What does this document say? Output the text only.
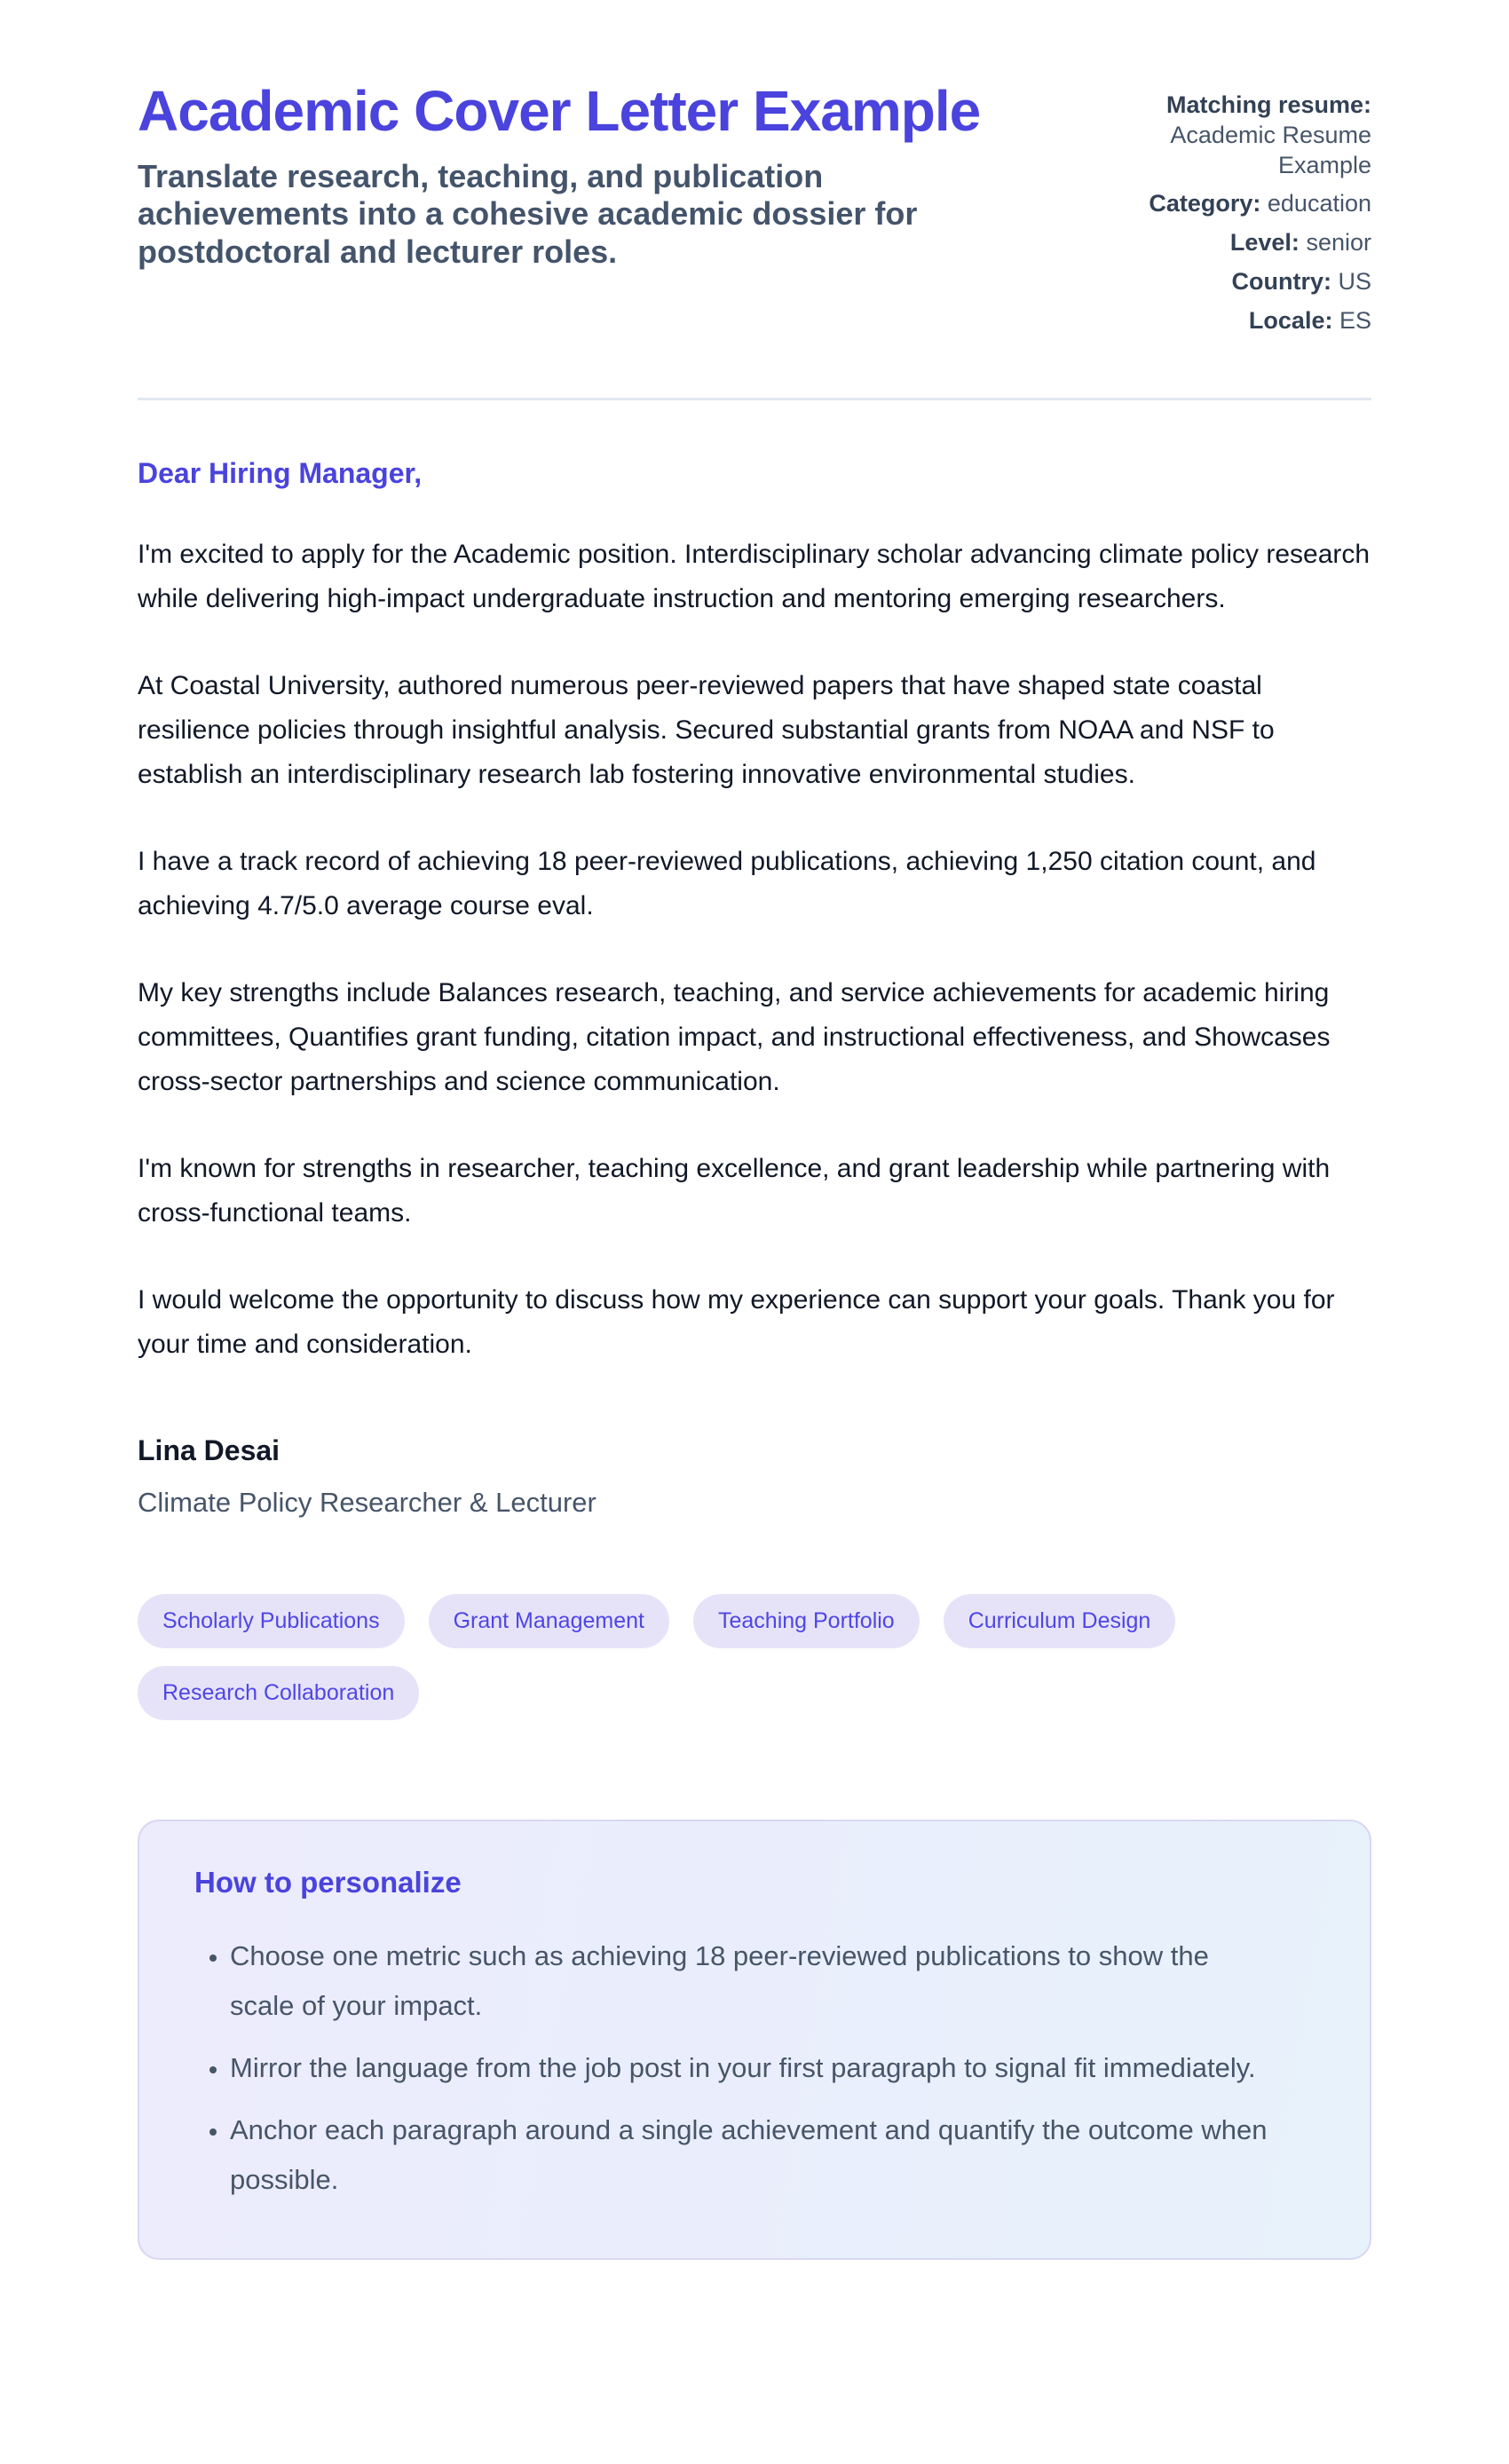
Academic Cover Letter Example

Translate research, teaching, and publication achievements into a cohesive academic dossier for postdoctoral and lecturer roles.

Matching resume: Academic Resume Example
Category: education
Level: senior
Country: US
Locale: ES

Dear Hiring Manager,

I'm excited to apply for the Academic position. Interdisciplinary scholar advancing climate policy research while delivering high-impact undergraduate instruction and mentoring emerging researchers.

At Coastal University, authored numerous peer-reviewed papers that have shaped state coastal resilience policies through insightful analysis. Secured substantial grants from NOAA and NSF to establish an interdisciplinary research lab fostering innovative environmental studies.

I have a track record of achieving 18 peer-reviewed publications, achieving 1,250 citation count, and achieving 4.7/5.0 average course eval.

My key strengths include Balances research, teaching, and service achievements for academic hiring committees, Quantifies grant funding, citation impact, and instructional effectiveness, and Showcases cross-sector partnerships and science communication.

I'm known for strengths in researcher, teaching excellence, and grant leadership while partnering with cross-functional teams.

I would welcome the opportunity to discuss how my experience can support your goals. Thank you for your time and consideration.

Lina Desai

Climate Policy Researcher & Lecturer

Scholarly Publications	Grant Management	Teaching Portfolio	Curriculum Design
Research Collaboration
How to personalize
• Choose one metric such as achieving 18 peer-reviewed publications to show the scale of your impact.
• Mirror the language from the job post in your first paragraph to signal fit immediately.
• Anchor each paragraph around a single achievement and quantify the outcome when possible.
